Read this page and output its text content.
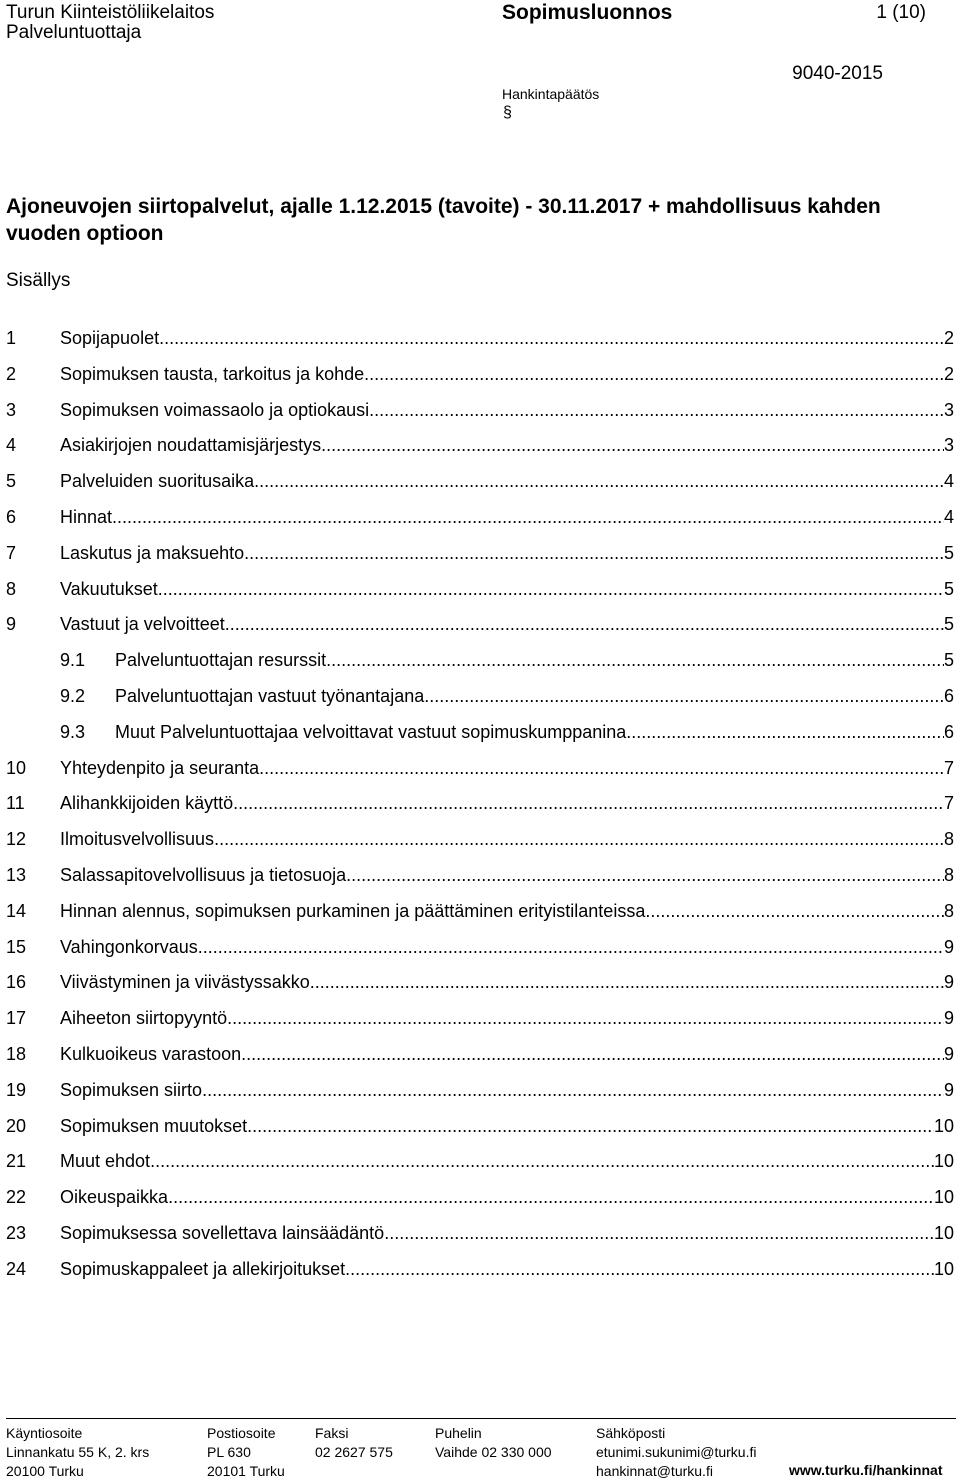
Turun Kiinteistöliikelaitos
Palveluntuottaja
Sopimusluonnos	1 (10)
9040-2015
Hankintapäätös
§
Ajoneuvojen siirtopalvelut, ajalle 1.12.2015 (tavoite) - 30.11.2017 + mahdollisuus kahden vuoden optioon
Sisällys
1	Sopijapuolet .....	2
2	Sopimuksen tausta, tarkoitus ja kohde .....	2
3	Sopimuksen voimassaolo ja optiokausi .....	3
4	Asiakirjojen noudattamisjärjestys .....	3
5	Palveluiden suoritusaika .....	4
6	Hinnat .....	4
7	Laskutus ja maksuehto .....	5
8	Vakuutukset .....	5
9	Vastuut ja velvoitteet .....	5
9.1	Palveluntuottajan resurssit .....	5
9.2	Palveluntuottajan vastuut työnantajana .....	6
9.3	Muut Palveluntuottajaa velvoittavat vastuut sopimuskumppanina .....	6
10	Yhteydenpito ja seuranta .....	7
11	Alihankkijoiden käyttö .....	7
12	Ilmoitusvelvollisuus .....	8
13	Salassapitovelvollisuus ja tietosuoja .....	8
14	Hinnan alennus, sopimuksen purkaminen ja päättäminen erityistilanteissa .....	8
15	Vahingonkorvaus .....	9
16	Viivästyminen ja viivästyssakko .....	9
17	Aiheeton siirtopyyntö .....	9
18	Kulkuoikeus varastoon .....	9
19	Sopimuksen siirto .....	9
20	Sopimuksen muutokset .....	10
21	Muut ehdot .....	10
22	Oikeuspaikka .....	10
23	Sopimuksessa sovellettava lainsäädäntö .....	10
24	Sopimuskappaleet ja allekirjoitukset .....	10
Käyntiosoite
Linnankatu 55 K, 2. krs
20100 Turku
Postiosoite
PL 630
20101 Turku
Faksi
02 2627 575
Puhelin
Vaihde 02 330 000
Sähköposti
etunimi.sukunimi@turku.fi
hankinnat@turku.fi	www.turku.fi/hankinnat
